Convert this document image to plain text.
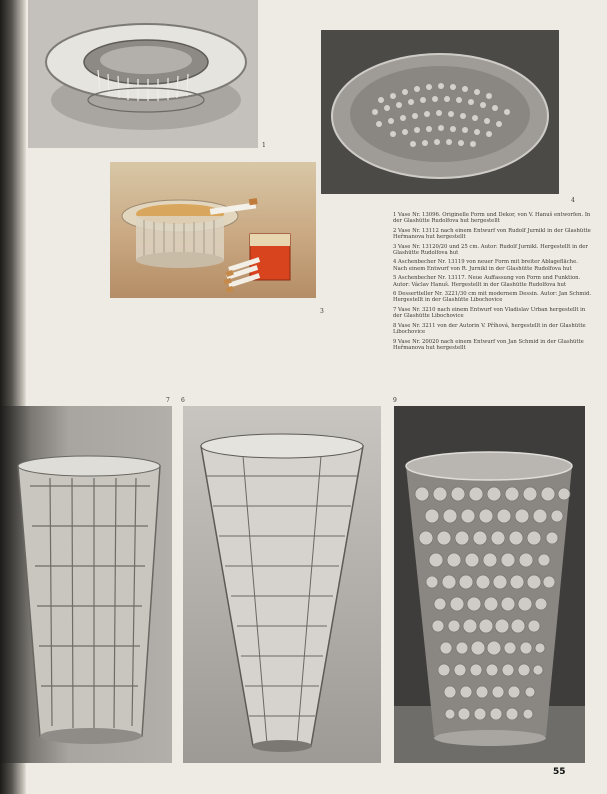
1
4
3

1 Vase Nr. 13096. Originelle Form und Dekor, von V. Hanuš entworfen. In der Glashütte Rudolfova hut hergestellt

2 Vase Nr. 13112 nach einem Entwurf von Rudolf Jurnikl in der Glashütte Heřmanova hut hergestellt

3 Vase Nr. 13120/20 und 25 cm. Autor: Rudolf Jurnikl. Hergestellt in der Glashütte Rudolfova hut

4 Aschenbecher Nr. 13119 von neuer Form mit breiter Ablagefläche. Nach einem Entwurf von R. Jurnikl in der Glashütte Rudolfova hut

5 Aschenbecher Nr. 13117. Neue Auffassung von Form und Funktion. Autor: Václav Hanuš. Hergestellt in der Glashütte Rudolfova hut

6 Dessertteller Nr. 3221/30 cm mit modernem Dessin. Autor: Jan Schmid. Hergestellt in der Glashütte Libochovice

7 Vase Nr. 3210 nach einem Entwurf von Vladislav Urban hergestellt in der Glashütte Libochovice

8 Vase Nr. 3211 von der Autorin V. Příhová, hergestellt in der Glashütte Libochovice

9 Vase Nr. 20020 nach einem Entwurf von Jan Schmid in der Glashütte Heřmanova hut hergestellt

7 6	9
55
